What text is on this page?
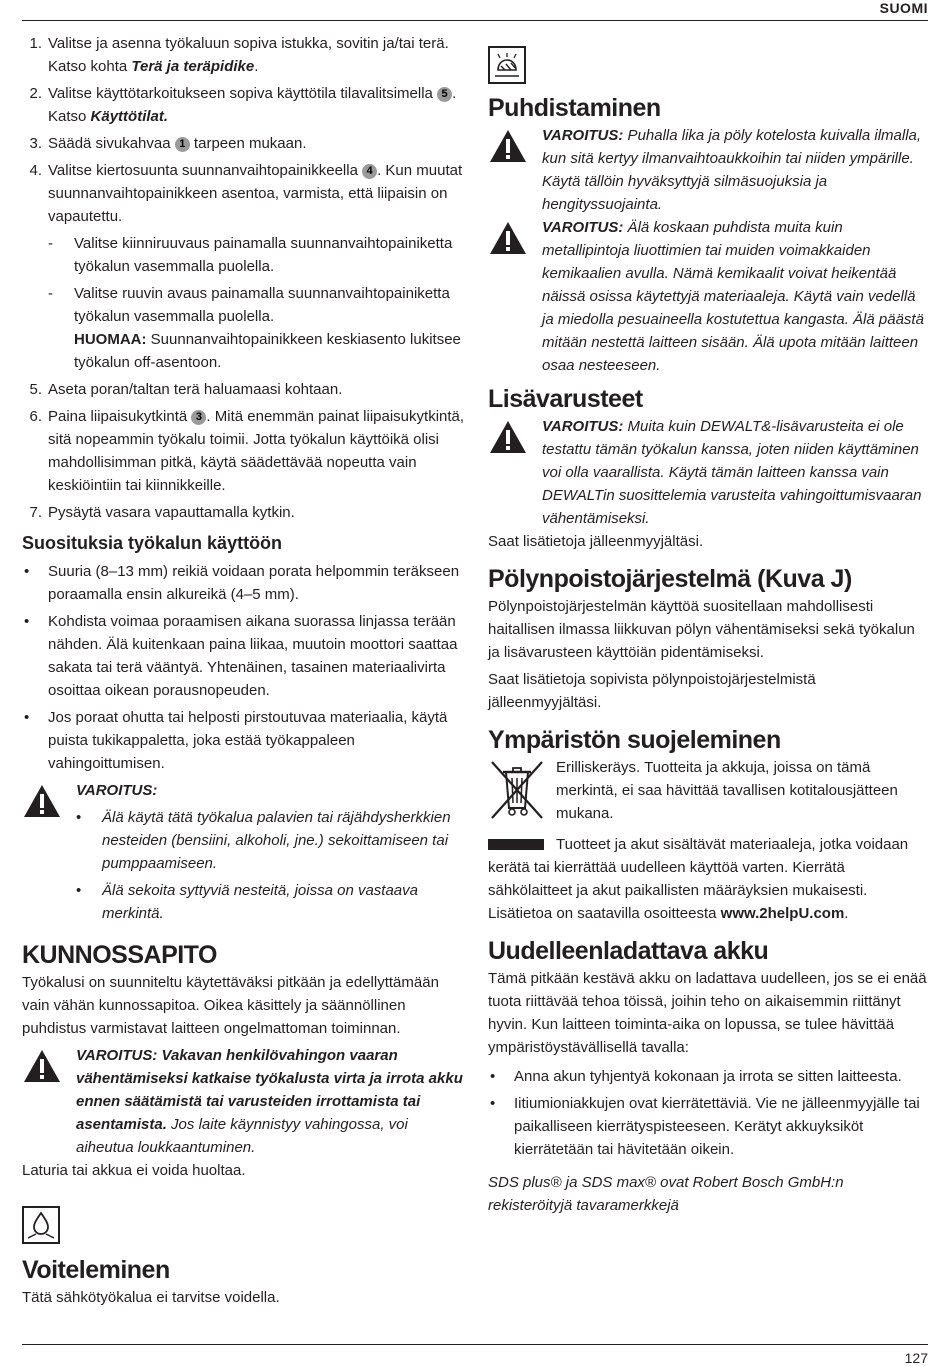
SUOMI

1. Valitse ja asenna työkaluun sopiva istukka, sovitin ja/tai terä. Katso kohta Terä ja teräpidike.

2. Valitse käyttötarkoitukseen sopiva käyttötila tilavalitsimella 5 . Katso Käyttötilat.

3. Säädä sivukahvaa 1 tarpeen mukaan.

4. Valitse kiertosuunta suunnanvaihtopainikkeella 4 . Kun muutat suunnanvaihtopainikkeen asentoa, varmista, että liipaisin on vapautettu.

- Valitse kiinniruuvaus painamalla suunnanvaihtopainiketta työkalun vasemmalla puolella.

- Valitse ruuvin avaus painamalla suunnanvaihtopainiketta työkalun vasemmalla puolella.

HUOMAA: Suunnanvaihtopainikkeen keskiasento lukitsee työkalun off-asentoon.

5. Aseta poran/taltan terä haluamaasi kohtaan.

6. Paina liipaisukytkintä 3 . Mitä enemmän painat liipaisukytkintä, sitä nopeammin työkalu toimii. Jotta työkalun käyttöikä olisi mahdollisimman pitkä, käytä säädettävää nopeutta vain keskiöintiin tai kiinnikkeille.

7. Pysäytä vasara vapauttamalla kytkin.

Suosituksia työkalun käyttöön

• Suuria (8–13 mm) reikiä voidaan porata helpommin teräkseen poraamalla ensin alkureikä (4–5 mm).

• Kohdista voimaa poraamisen aikana suorassa linjassa terään nähden. Älä kuitenkaan paina liikaa, muutoin moottori saattaa sakata tai terä vääntyä. Yhtenäinen, tasainen materiaalivirta osoittaa oikean porausnopeuden.

• Jos poraat ohutta tai helposti pirstoutuvaa materiaalia, käytä puista tukikappaletta, joka estää työkappaleen vahingoittumisen.

VAROITUS:

• Älä käytä tätä työkalua palavien tai räjähdysherkkien nesteiden (bensiini, alkoholi, jne.) sekoittamiseen tai pumppaamiseen.

• Älä sekoita syttyviä nesteitä, joissa on vastaava merkintä.

KUNNOSSAPITO

Työkalusi on suunniteltu käytettäväksi pitkään ja edellyttämään vain vähän kunnossapitoa. Oikea käsittely ja säännöllinen puhdistus varmistavat laitteen ongelmattoman toiminnan.

VAROITUS: Vakavan henkilövahingon vaaran vähentämiseksi katkaise työkalusta virta ja irrota akku ennen säätämistä tai varusteiden irrottamista tai asentamista. Jos laite käynnistyy vahingossa, voi aiheutua loukkaantuminen.

Laturia tai akkua ei voida huoltaa.

Voiteleminen

Tätä sähkötyökalua ei tarvitse voidella.

Puhdistaminen

VAROITUS: Puhalla lika ja pöly kotelosta kuivalla ilmalla, kun sitä kertyy ilmanvaihtoaukkoihin tai niiden ympärille. Käytä tällöin hyväksyttyjä silmäsuojuksia ja hengityssuojainta.

VAROITUS: Älä koskaan puhdista muita kuin metallipintoja liuottimien tai muiden voimakkaiden kemikaalien avulla. Nämä kemikaalit voivat heikentää näissä osissa käytettyjä materiaaleja. Käytä vain vedellä ja miedolla pesuaineella kostutettua kangasta. Älä päästä mitään nestettä laitteen sisään. Älä upota mitään laitteen osaa nesteeseen.

Lisävarusteet

VAROITUS: Muita kuin DEWALT&-lisävarusteita ei ole testattu tämän työkalun kanssa, joten niiden käyttäminen voi olla vaarallista. Käytä tämän laitteen kanssa vain DEWALTin suosittelemia varusteita vahingoittumisvaaran vähentämiseksi.

Saat lisätietoja jälleenmyyjältäsi.

Pölynpoistojärjestelmä (Kuva J)

Pölynpoistojärjestelmän käyttöä suositellaan mahdollisesti haitallisen ilmassa liikkuvan pölyn vähentämiseksi sekä työkalun ja lisävarusteen käyttöiän pidentämiseksi.

Saat lisätietoja sopivista pölynpoistojärjestelmistä jälleenmyyjältäsi.

Ympäristön suojeleminen

Erilliskeräys. Tuotteita ja akkuja, joissa on tämä merkintä, ei saa hävittää tavallisen kotitalousjätteen mukana.

Tuotteet ja akut sisältävät materiaaleja, jotka voidaan kerätä tai kierrättää uudelleen käyttöä varten. Kierrätä sähkölaitteet ja akut paikallisten määräyksien mukaisesti. Lisätietoa on saatavilla osoitteesta www.2helpU.com.

Uudelleenladattava akku

Tämä pitkään kestävä akku on ladattava uudelleen, jos se ei enää tuota riittävää tehoa töissä, joihin teho on aikaisemmin riittänyt hyvin. Kun laitteen toiminta-aika on lopussa, se tulee hävittää ympäristöystävällisellä tavalla:

• Anna akun tyhjentyä kokonaan ja irrota se sitten laitteesta.

• Iitiumioniakkujen ovat kierrätettäviä. Vie ne jälleenmyyjälle tai paikalliseen kierrätyspisteeseen. Kerätyt akkuyksiköt kierrätetään tai hävitetään oikein.

SDS plus® ja SDS max® ovat Robert Bosch GmbH:n rekisteröityjä tavaramerkkejä

127
